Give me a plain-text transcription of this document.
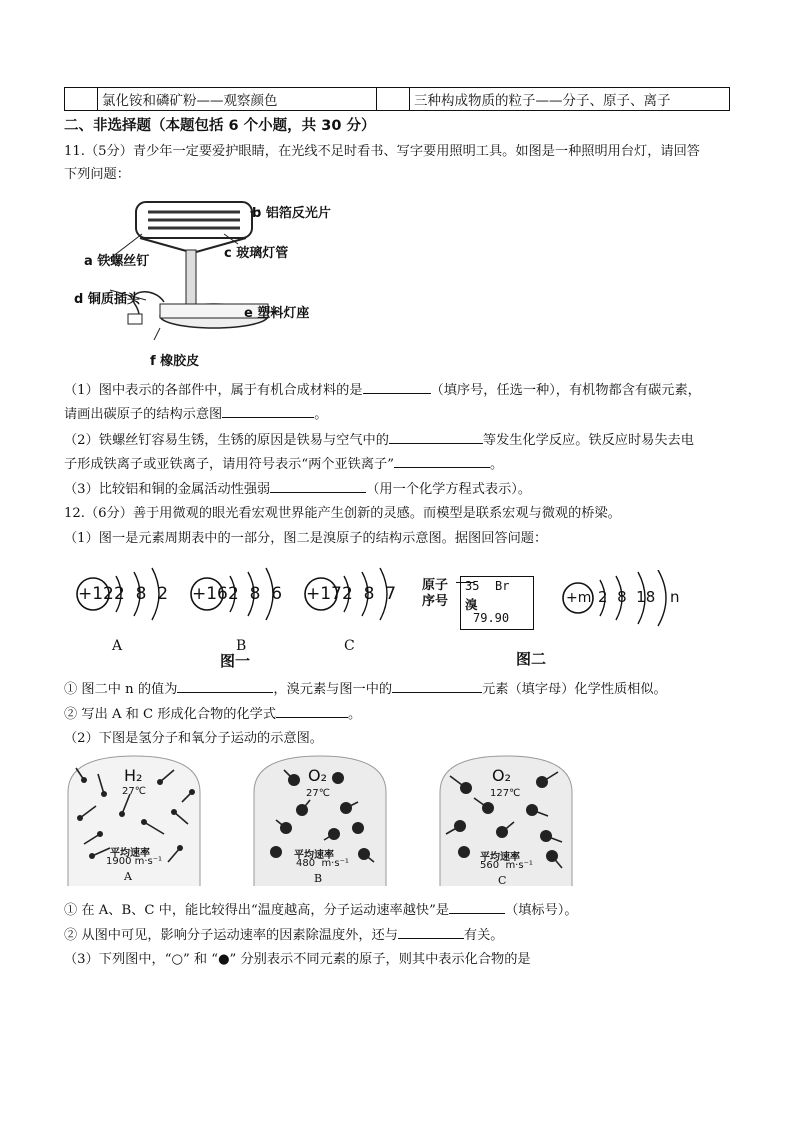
	氯化铵和磷矿粉——观察颜色		三种构成物质的粒子——分子、原子、离子
二、非选择题（本题包括 6 个小题，共 30 分）
11.（5分）青少年一定要爱护眼睛，在光线不足时看书、写字要用照明工具。如图是一种照明用台灯，请回答
下列问题：
b 铝箔反光片
c 玻璃灯管
a 铁螺丝钉
d 铜质插头
e 塑料灯座
f 橡胶皮
（1）图中表示的各部件中，属于有机合成材料的是	（填序号，任选一种），有机物都含有碳元素，
请画出碳原子的结构示意图	。
（2）铁螺丝钉容易生锈，生锈的原因是铁易与空气中的	等发生化学反应。铁反应时易失去电
子形成铁离子或亚铁离子，请用符号表示“两个亚铁离子”	。
（3）比较铝和铜的金属活动性强弱	（用一个化学方程式表示）。
12.（6分）善于用微观的眼光看宏观世界能产生创新的灵感。而模型是联系宏观与微观的桥梁。
（1）图一是元素周期表中的一部分，图二是溴原子的结构示意图。据图回答问题：
+12 2  8  2
A
+16 2  8  6
B
+17 2  8  7
C
图一
原子
序号
35 Br
溴
79.90
+m 2  8  18 n
图二
① 图二中 n 的值为	，溴元素与图一中的	元素（填字母）化学性质相似。
② 写出 A 和 C 形成化合物的化学式	。
（2）下图是氢分子和氧分子运动的示意图。
H₂
27℃
平均速率
1900 m·s⁻¹
A
O₂
27℃
平均速率
480  m·s⁻¹
B
O₂
127℃
平均速率
560  m·s⁻¹
C
① 在 A、B、C 中，能比较得出“温度越高，分子运动速率越快”是	（填标号）。
② 从图中可见，影响分子运动速率的因素除温度外，还与	有关。
（3）下列图中，“○” 和 “●” 分别表示不同元素的原子，则其中表示化合物的是
